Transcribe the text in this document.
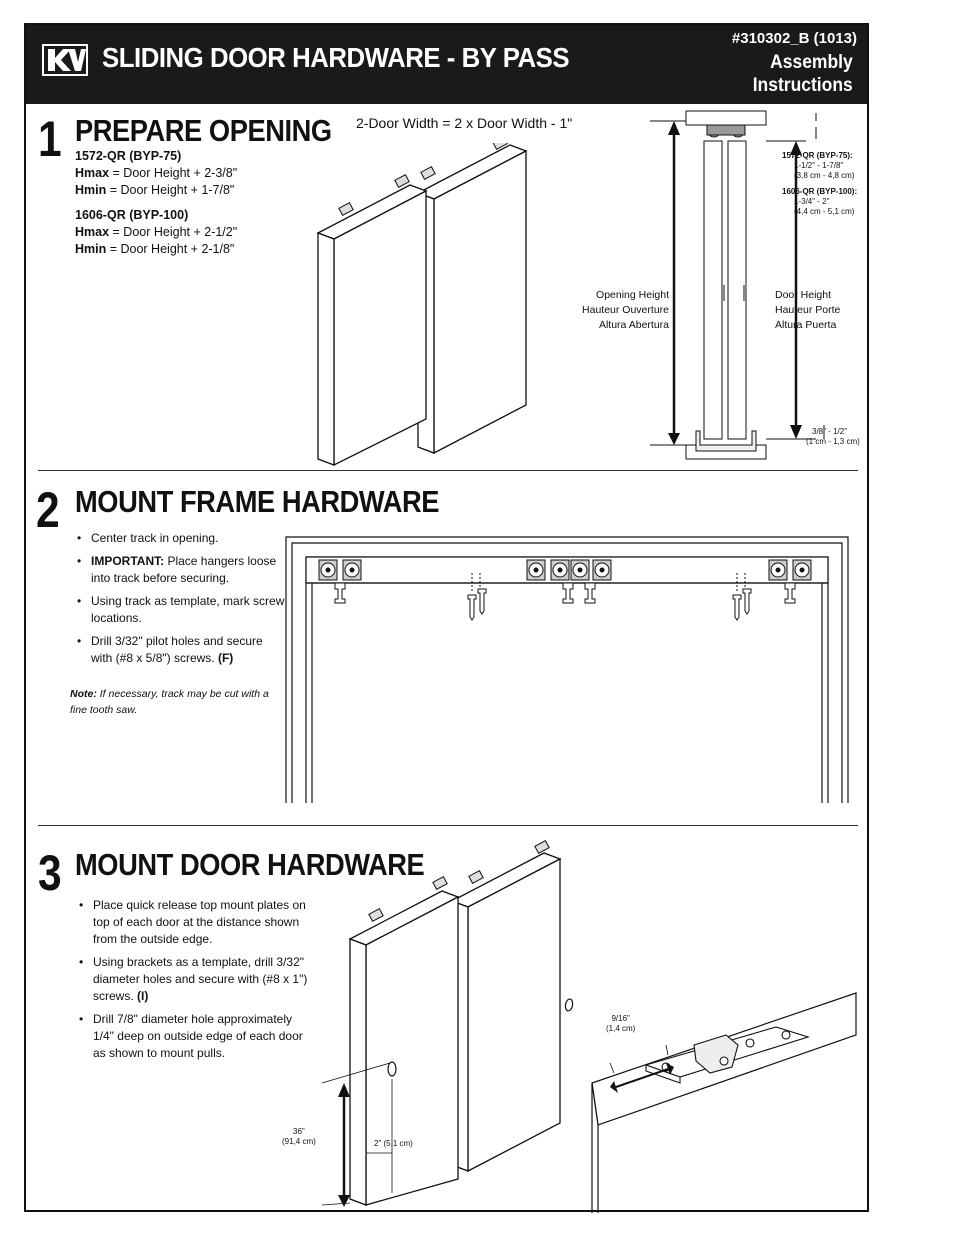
SLIDING DOOR HARDWARE - BY PASS
#310302_B (1013)
Assembly
Instructions
1 PREPARE OPENING 2-Door Width = 2 x Door Width - 1"
1572-QR (BYP-75)
Hmax = Door Height + 2-3/8"
Hmin = Door Height + 1-7/8"
1606-QR (BYP-100)
Hmax = Door Height + 2-1/2"
Hmin = Door Height + 2-1/8"
Opening Height
Hauteur Ouverture
Altura Abertura
Door Height
Hauteur Porte
Altura Puerta
1572-QR (BYP-75):
1-1/2" - 1-7/8"
(3,8 cm - 4,8 cm)
1606-QR (BYP-100):
1-3/4" - 2"
(4,4 cm - 5,1 cm)
3/8" - 1/2"
(1 cm - 1,3 cm)
2 MOUNT FRAME HARDWARE
• Center track in opening.
• IMPORTANT: Place hangers loose into track before securing.
• Using track as template, mark screw locations.
• Drill 3/32" pilot holes and secure with (#8 x 5/8") screws. (F)
Note: If necessary, track may be cut with a fine tooth saw.
3 MOUNT DOOR HARDWARE
• Place quick release top mount plates on top of each door at the distance shown from the outside edge.
• Using brackets as a template, drill 3/32" diameter holes and secure with (#8 x 1") screws. (I)
• Drill 7/8" diameter hole approximately 1/4" deep on outside edge of each door as shown to mount pulls.
36"
(91,4 cm)	2" (5,1 cm)
9/16"
(1,4 cm)
